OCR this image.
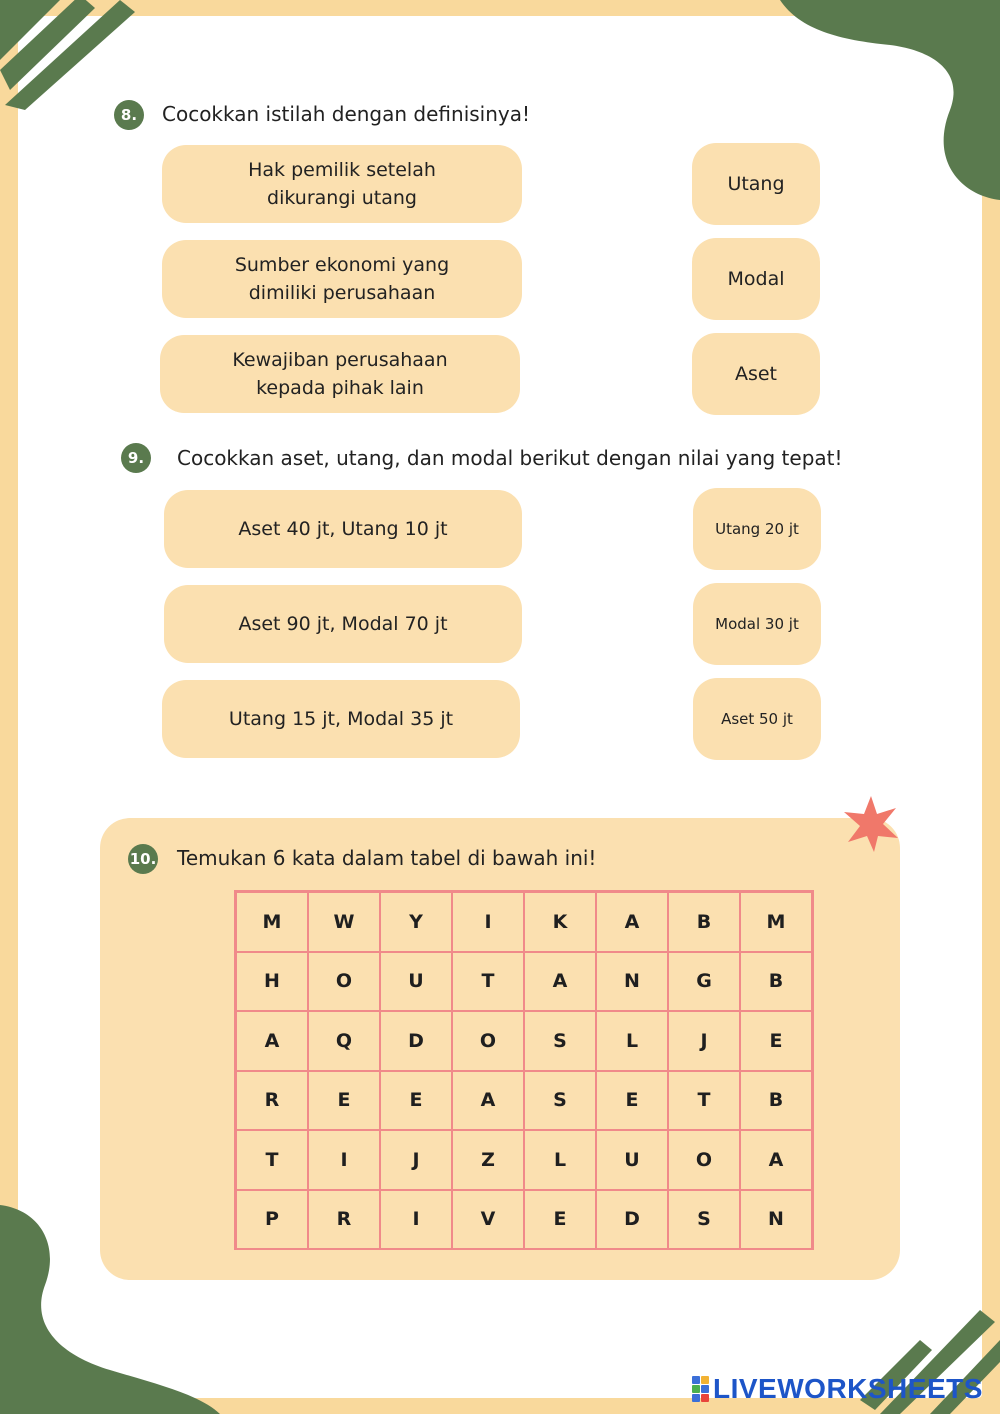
8.	Cocokkan istilah dengan definisinya!
Hak pemilik setelah
dikurangi utang
Sumber ekonomi yang
dimiliki perusahaan
Kewajiban perusahaan
kepada pihak lain
Utang
Modal
Aset
9.	Cocokkan aset, utang, dan modal berikut dengan nilai yang tepat!
Aset 40 jt, Utang 10 jt
Aset 90 jt, Modal 70 jt
Utang 15 jt, Modal 35 jt
Utang 20 jt
Modal 30 jt
Aset 50 jt
10. Temukan 6 kata dalam tabel di bawah ini!
M	W	Y	I	K	A	B	M
H	O	U	T	A	N	G	B
A	Q	D	O	S	L	J	E
R	E	E	A	S	E	T	B
T	I	J	Z	L	U	O	A
P	R	I	V	E	D	S	N
LIVEWORKSHEETS
